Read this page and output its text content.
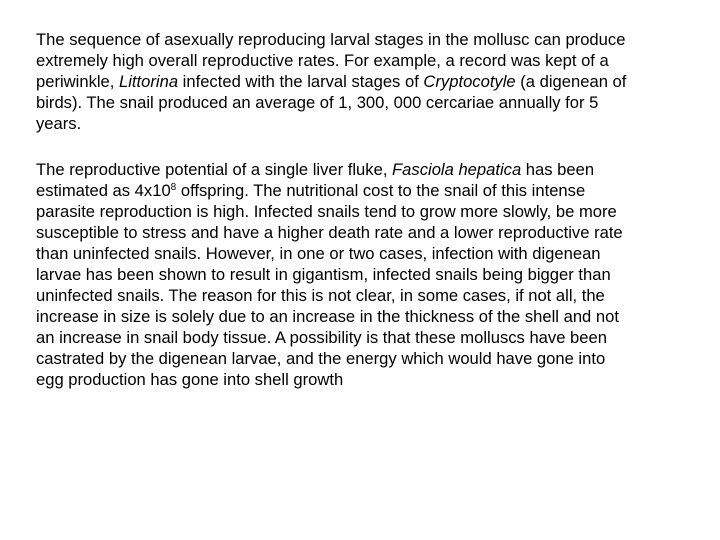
The sequence of asexually reproducing larval stages in the mollusc can produce
extremely high overall reproductive rates. For example, a record was kept of a
periwinkle, Littorina infected with the larval stages of Cryptocotyle (a digenean of
birds). The snail produced an average of 1, 300, 000 cercariae annually for 5
years.

The reproductive potential of a single liver fluke, Fasciola hepatica has been
estimated as $4x10^8$ offspring. The nutritional cost to the snail of this intense
parasite reproduction is high. Infected snails tend to grow more slowly, be more
susceptible to stress and have a higher death rate and a lower reproductive rate
than uninfected snails. However, in one or two cases, infection with digenean
larvae has been shown to result in gigantism, infected snails being bigger than
uninfected snails. The reason for this is not clear, in some cases, if not all, the
increase in size is solely due to an increase in the thickness of the shell and not
an increase in snail body tissue. A possibility is that these molluscs have been
castrated by the digenean larvae, and the energy which would have gone into
egg production has gone into shell growth
